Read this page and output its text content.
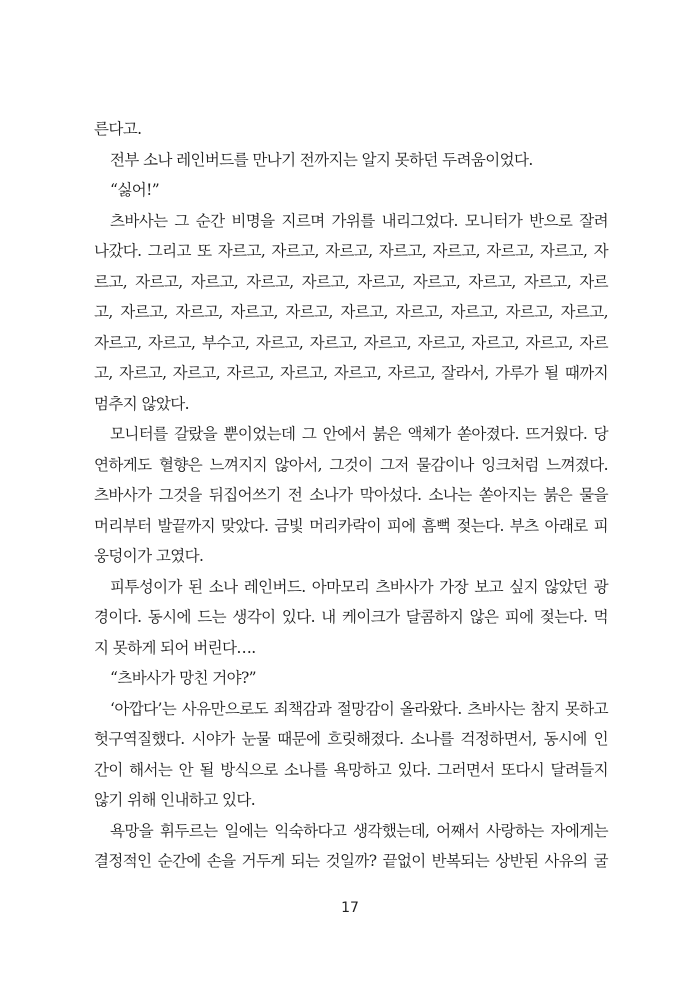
른다고.
전부 소나 레인버드를 만나기 전까지는 알지 못하던 두려움이었다.
“싫어!”
츠바사는 그 순간 비명을 지르며 가위를 내리그었다. 모니터가 반으로 잘려
나갔다. 그리고 또 자르고, 자르고, 자르고, 자르고, 자르고, 자르고, 자르고, 자
르고, 자르고, 자르고, 자르고, 자르고, 자르고, 자르고, 자르고, 자르고, 자르
고, 자르고, 자르고, 자르고, 자르고, 자르고, 자르고, 자르고, 자르고, 자르고,
자르고, 자르고, 부수고, 자르고, 자르고, 자르고, 자르고, 자르고, 자르고, 자르
고, 자르고, 자르고, 자르고, 자르고, 자르고, 자르고, 잘라서, 가루가 될 때까지
멈추지 않았다.
모니터를 갈랐을 뿐이었는데 그 안에서 붉은 액체가 쏟아졌다. 뜨거웠다. 당
연하게도 혈향은 느껴지지 않아서, 그것이 그저 물감이나 잉크처럼 느껴졌다.
츠바사가 그것을 뒤집어쓰기 전 소나가 막아섰다. 소나는 쏟아지는 붉은 물을
머리부터 발끝까지 맞았다. 금빛 머리카락이 피에 흠뻑 젖는다. 부츠 아래로 피
웅덩이가 고였다.
피투성이가 된 소나 레인버드. 아마모리 츠바사가 가장 보고 싶지 않았던 광
경이다. 동시에 드는 생각이 있다. 내 케이크가 달콤하지 않은 피에 젖는다. 먹
지 못하게 되어 버린다….
“츠바사가 망친 거야?”
‘아깝다’는 사유만으로도 죄책감과 절망감이 올라왔다. 츠바사는 참지 못하고
헛구역질했다. 시야가 눈물 때문에 흐릿해졌다. 소나를 걱정하면서, 동시에 인
간이 해서는 안 될 방식으로 소나를 욕망하고 있다. 그러면서 또다시 달려들지
않기 위해 인내하고 있다.
욕망을 휘두르는 일에는 익숙하다고 생각했는데, 어째서 사랑하는 자에게는
결정적인 순간에 손을 거두게 되는 것일까? 끝없이 반복되는 상반된 사유의 굴
17
